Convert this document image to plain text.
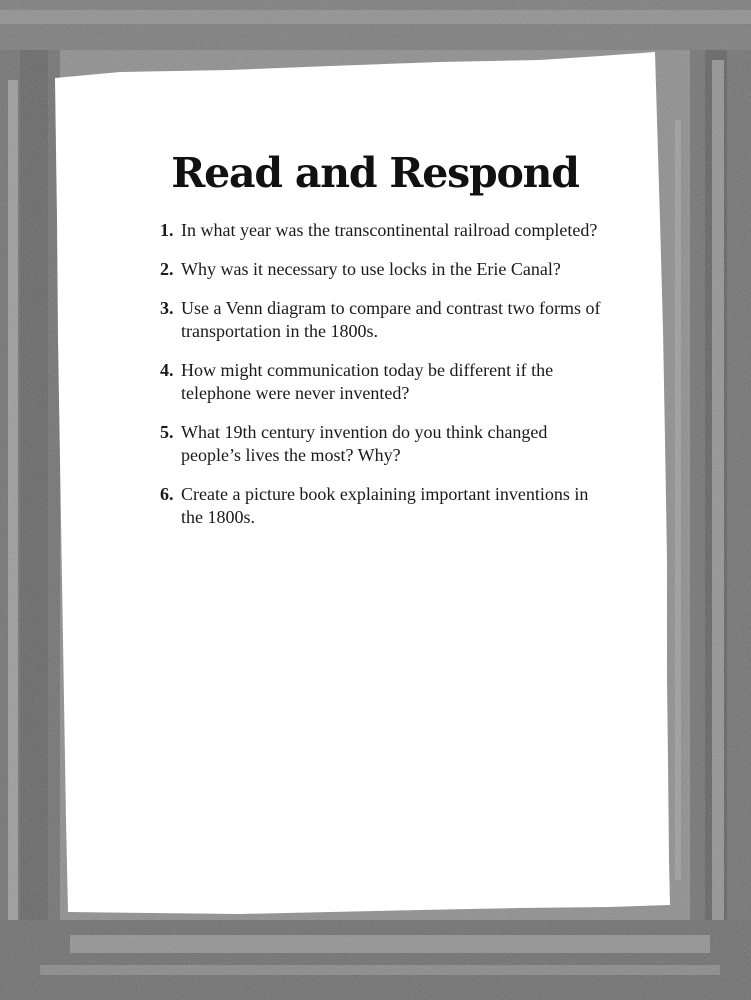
Read and Respond
1. In what year was the transcontinental railroad completed?
2. Why was it necessary to use locks in the Erie Canal?
3. Use a Venn diagram to compare and contrast two forms of transportation in the 1800s.
4. How might communication today be different if the telephone were never invented?
5. What 19th century invention do you think changed people’s lives the most? Why?
6. Create a picture book explaining important inventions in the 1800s.
